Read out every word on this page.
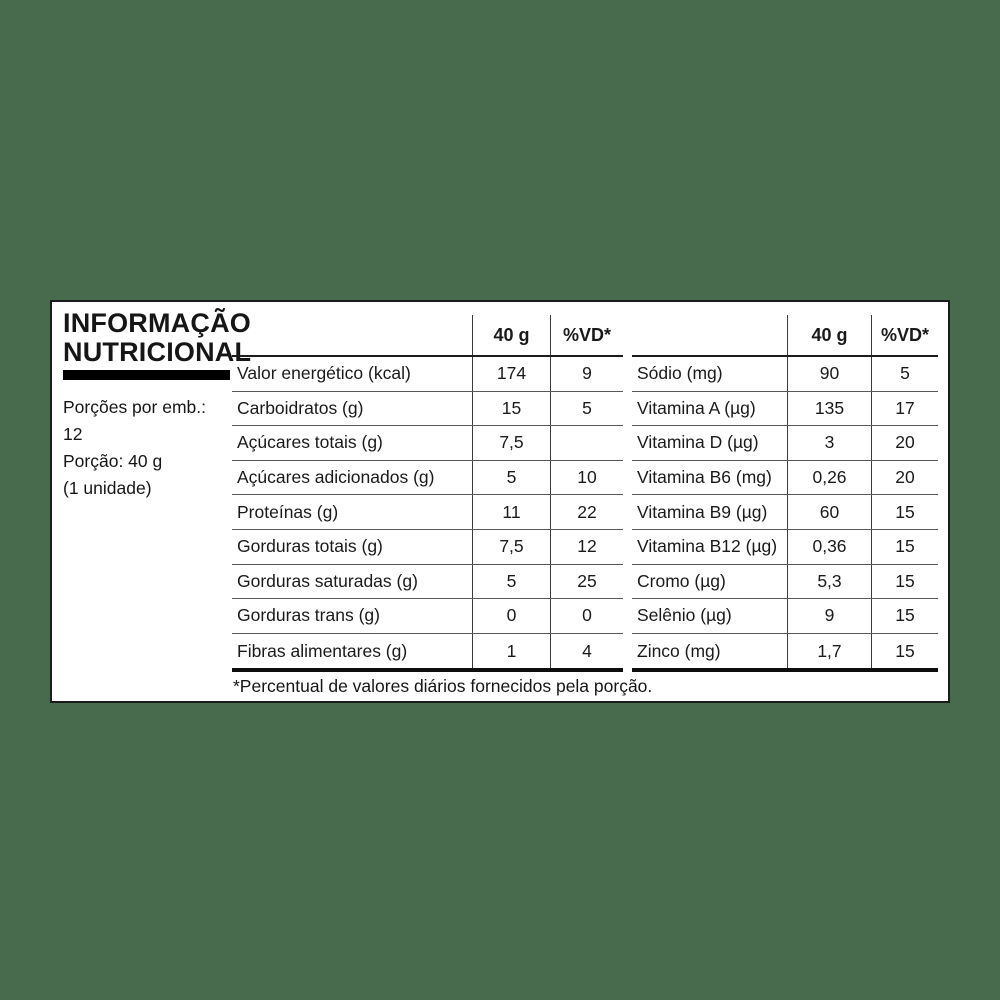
INFORMAÇÃO
NUTRICIONAL
Porções por emb.:
12
Porção: 40 g
(1 unidade)
40 g	%VD*
Valor energético (kcal)	174	9
Carboidratos (g)	15	5
Açúcares totais (g)	7,5
Açúcares adicionados (g)	5	10
Proteínas (g)	11	22
Gorduras totais (g)	7,5	12
Gorduras saturadas (g)	5	25
Gorduras trans (g)	0	0
Fibras alimentares (g)	1	4
40 g	%VD*
Sódio (mg)	90	5
Vitamina A (µg)	135	17
Vitamina D (µg)	3	20
Vitamina B6 (mg)	0,26	20
Vitamina B9 (µg)	60	15
Vitamina B12 (µg)	0,36	15
Cromo (µg)	5,3	15
Selênio (µg)	9	15
Zinco (mg)	1,7	15
*Percentual de valores diários fornecidos pela porção.
